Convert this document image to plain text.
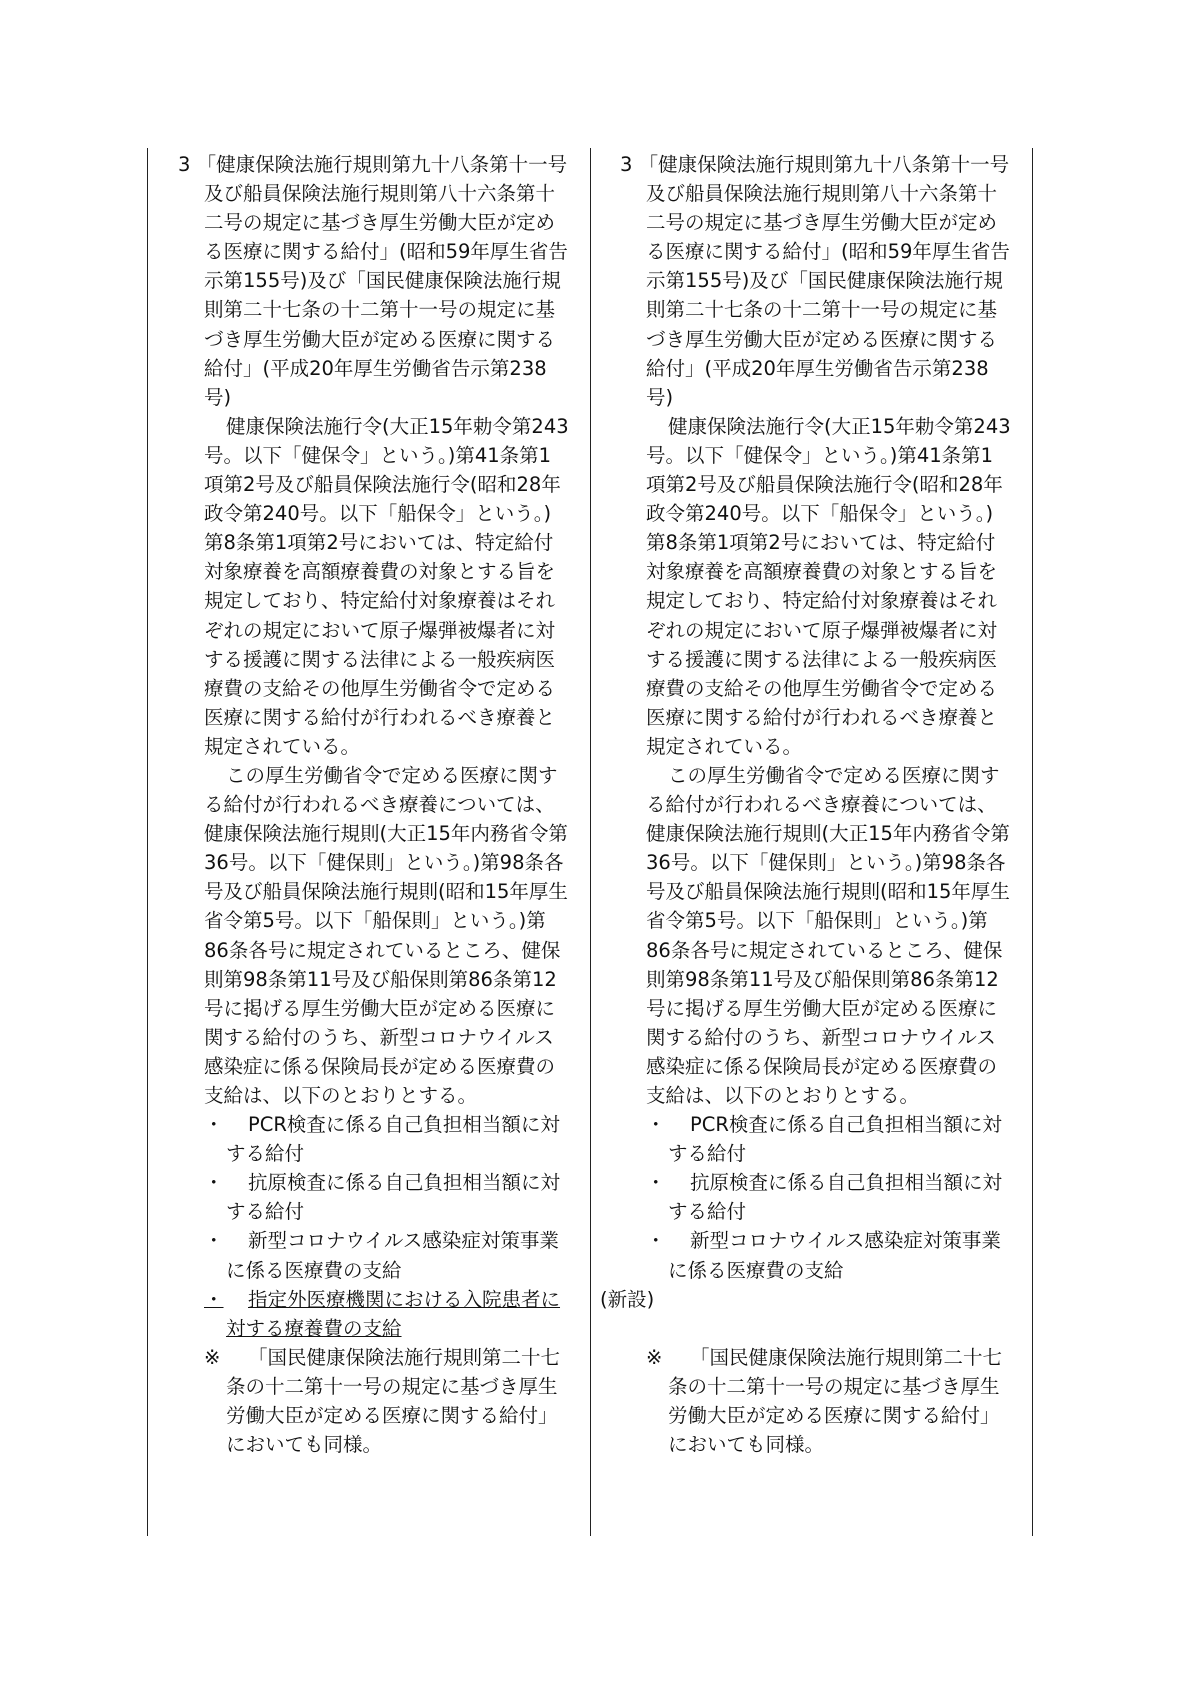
3 「健康保険法施行規則第九十八条第十一号及び船員保険法施行規則第八十六条第十二号の規定に基づき厚生労働大臣が定める医療に関する給付」(昭和59年厚生省告示第155号)及び「国民健康保険法施行規則第二十七条の十二第十一号の規定に基づき厚生労働大臣が定める医療に関する給付」(平成20年厚生労働省告示第238号)

健康保険法施行令(大正15年勅令第243号。以下「健保令」という。)第41条第1項第2号及び船員保険法施行令(昭和28年政令第240号。以下「船保令」という。)第8条第1項第2号においては、特定給付対象療養を高額療養費の対象とする旨を規定しており、特定給付対象療養はそれぞれの規定において原子爆弾被爆者に対する援護に関する法律による一般疾病医療費の支給その他厚生労働省令で定める医療に関する給付が行われるべき療養と規定されている。

この厚生労働省令で定める医療に関する給付が行われるべき療養については、健康保険法施行規則(大正15年内務省令第36号。以下「健保則」という。)第98条各号及び船員保険法施行規則(昭和15年厚生省令第5号。以下「船保則」という。)第86条各号に規定されているところ、健保則第98条第11号及び船保則第86条第12号に掲げる厚生労働大臣が定める医療に関する給付のうち、新型コロナウイルス感染症に係る保険局長が定める医療費の支給は、以下のとおりとする。

・	PCR検査に係る自己負担相当額に対する給付
・	抗原検査に係る自己負担相当額に対する給付
・	新型コロナウイルス感染症対策事業に係る医療費の支給
・	指定外医療機関における入院患者に対する療養費の支給
※	「国民健康保険法施行規則第二十七条の十二第十一号の規定に基づき厚生労働大臣が定める医療に関する給付」においても同様。

3 「健康保険法施行規則第九十八条第十一号及び船員保険法施行規則第八十六条第十二号の規定に基づき厚生労働大臣が定める医療に関する給付」(昭和59年厚生省告示第155号)及び「国民健康保険法施行規則第二十七条の十二第十一号の規定に基づき厚生労働大臣が定める医療に関する給付」(平成20年厚生労働省告示第238号)

健康保険法施行令(大正15年勅令第243号。以下「健保令」という。)第41条第1項第2号及び船員保険法施行令(昭和28年政令第240号。以下「船保令」という。)第8条第1項第2号においては、特定給付対象療養を高額療養費の対象とする旨を規定しており、特定給付対象療養はそれぞれの規定において原子爆弾被爆者に対する援護に関する法律による一般疾病医療費の支給その他厚生労働省令で定める医療に関する給付が行われるべき療養と規定されている。

この厚生労働省令で定める医療に関する給付が行われるべき療養については、健康保険法施行規則(大正15年内務省令第36号。以下「健保則」という。)第98条各号及び船員保険法施行規則(昭和15年厚生省令第5号。以下「船保則」という。)第86条各号に規定されているところ、健保則第98条第11号及び船保則第86条第12号に掲げる厚生労働大臣が定める医療に関する給付のうち、新型コロナウイルス感染症に係る保険局長が定める医療費の支給は、以下のとおりとする。

・	PCR検査に係る自己負担相当額に対する給付
・	抗原検査に係る自己負担相当額に対する給付
・	新型コロナウイルス感染症対策事業に係る医療費の支給

(新設)

※	「国民健康保険法施行規則第二十七条の十二第十一号の規定に基づき厚生労働大臣が定める医療に関する給付」においても同様。
